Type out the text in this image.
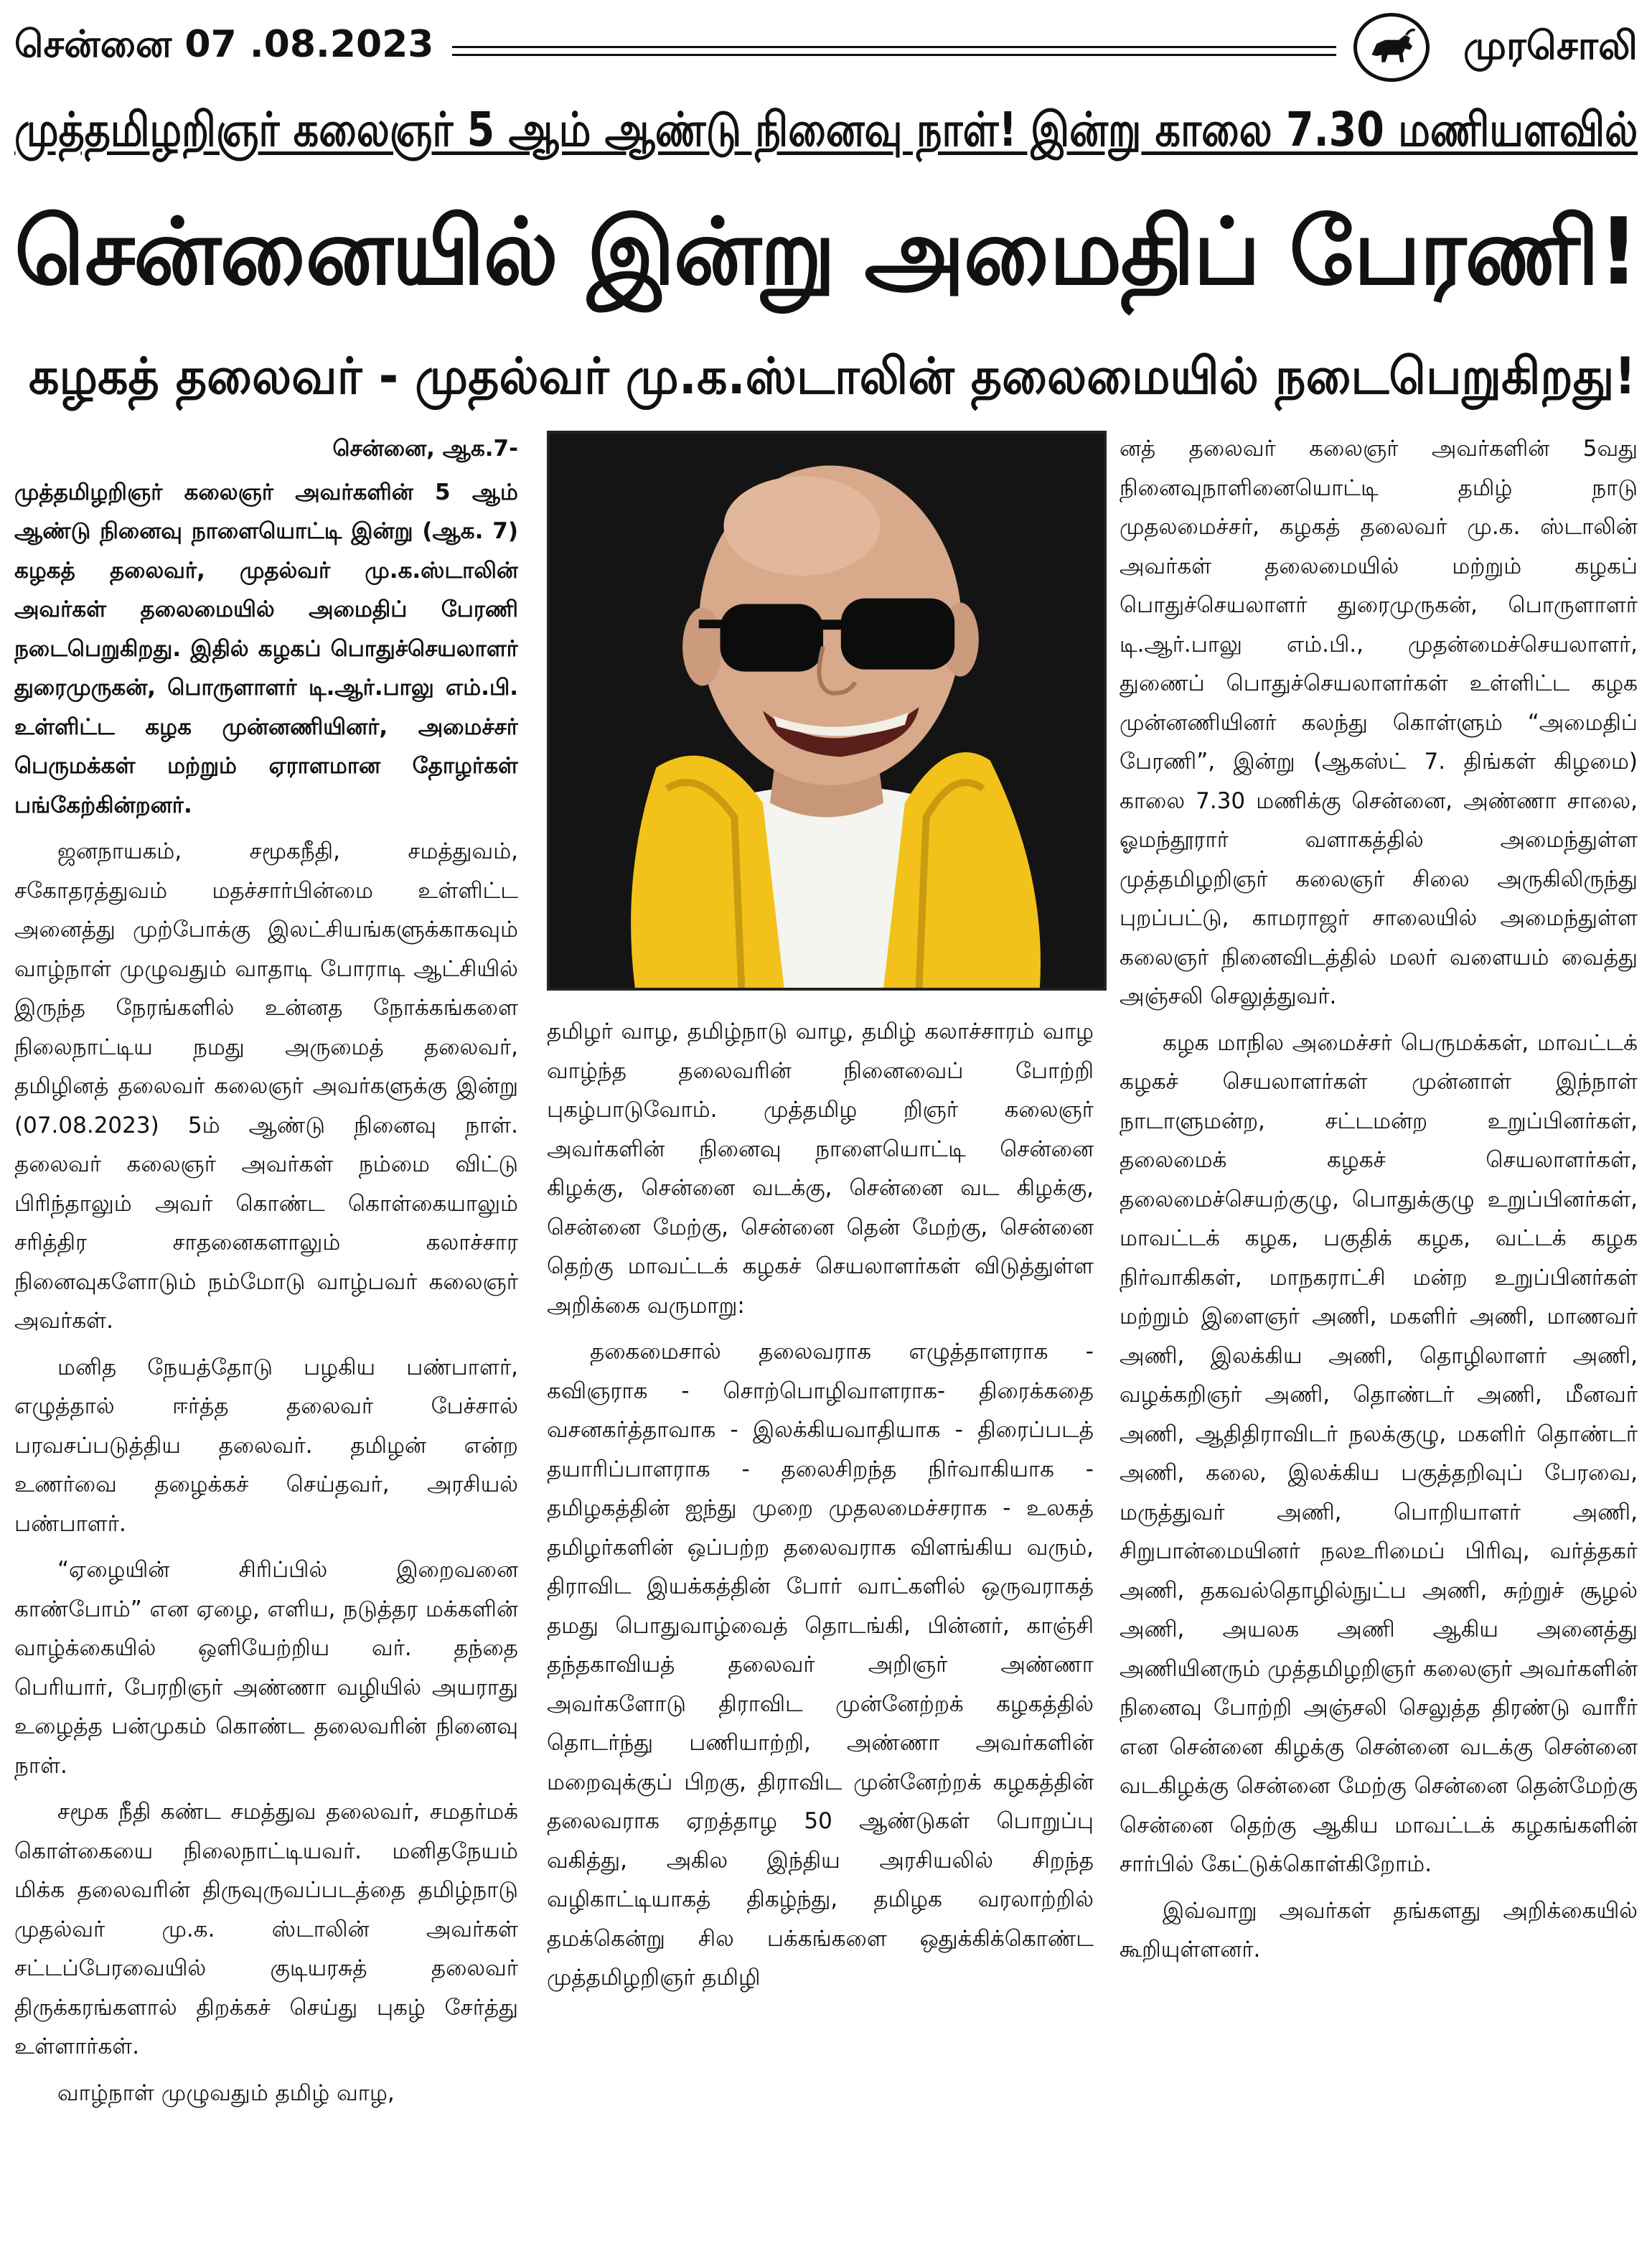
சென்னை 07 .08.2023	முரசொலி
முத்தமிழறிஞர் கலைஞர் 5 ஆம் ஆண்டு நினைவு நாள்! இன்று காலை 7.30 மணியளவில்
சென்னையில் இன்று அமைதிப் பேரணி!
கழகத் தலைவர் - முதல்வர் மு.க.ஸ்டாலின் தலைமையில் நடைபெறுகிறது!

சென்னை, ஆக.7-

முத்தமிழறிஞர் கலைஞர் அவர்களின் 5 ஆம் ஆண்டு நினைவு நாளையொட்டி இன்று (ஆக. 7) கழகத் தலைவர், முதல்வர் மு.க.ஸ்டாலின் அவர்கள் தலைமையில் அமைதிப் பேரணி நடைபெறுகிறது. இதில் கழகப் பொதுச்செயலாளர் துரைமுருகன், பொருளாளர் டி.ஆர்.பாலு எம்.பி. உள்ளிட்ட கழக முன்னணியினர், அமைச்சர் பெருமக்கள் மற்றும் ஏராளமான தோழர்கள் பங்கேற்கின்றனர்.

ஜனநாயகம், சமூகநீதி, சமத்துவம், சகோதரத்துவம் மதச்சார்பின்மை உள்ளிட்ட அனைத்து முற்போக்கு இலட்சியங்களுக்காகவும் வாழ்நாள் முழுவதும் வாதாடி போராடி ஆட்சியில் இருந்த நேரங்களில் உன்னத நோக்கங்களை நிலைநாட்டிய நமது அருமைத் தலைவர், தமிழினத் தலைவர் கலைஞர் அவர்களுக்கு இன்று (07.08.2023) 5ம் ஆண்டு நினைவு நாள். தலைவர் கலைஞர் அவர்கள் நம்மை விட்டு பிரிந்தாலும் அவர் கொண்ட கொள்கையாலும் சரித்திர சாதனைகளாலும் கலாச்சார நினைவுகளோடும் நம்மோடு வாழ்பவர் கலைஞர் அவர்கள்.

மனித நேயத்தோடு பழகிய பண்பாளர், எழுத்தால் ஈர்த்த தலைவர் பேச்சால் பரவசப்படுத்திய தலைவர். தமிழன் என்ற உணர்வை தழைக்கச் செய்தவர், அரசியல் பண்பாளர்.

“ஏழையின் சிரிப்பில் இறைவனை காண்போம்” என ஏழை, எளிய, நடுத்தர மக்களின் வாழ்க்கையில் ஒளியேற்றிய வர். தந்தை பெரியார், பேரறிஞர் அண்ணா வழியில் அயராது உழைத்த பன்முகம் கொண்ட தலைவரின் நினைவு நாள்.

சமூக நீதி கண்ட சமத்துவ தலைவர், சமதர்மக் கொள்கையை நிலைநாட்டியவர். மனிதநேயம் மிக்க தலைவரின் திருவுருவப்படத்தை தமிழ்நாடு முதல்வர் மு.க. ஸ்டாலின் அவர்கள் சட்டப்பேரவையில் குடியரசுத் தலைவர் திருக்கரங்களால் திறக்கச் செய்து புகழ் சேர்த்து உள்ளார்கள்.

வாழ்நாள் முழுவதும் தமிழ் வாழ,

தமிழர் வாழ, தமிழ்நாடு வாழ, தமிழ் கலாச்சாரம் வாழ வாழ்ந்த தலைவரின் நினைவைப் போற்றி புகழ்பாடுவோம். முத்தமிழ றிஞர் கலைஞர் அவர்களின் நினைவு நாளையொட்டி சென்னை கிழக்கு, சென்னை வடக்கு, சென்னை வட கிழக்கு, சென்னை மேற்கு, சென்னை தென் மேற்கு, சென்னை தெற்கு மாவட்டக் கழகச் செயலாளர்கள் விடுத்துள்ள அறிக்கை வருமாறு:

தகைமைசால் தலைவராக எழுத்தாளராக - கவிஞராக - சொற்பொழிவாளராக- திரைக்கதை வசனகர்த்தாவாக - இலக்கியவாதியாக - திரைப்படத் தயாரிப்பாளராக - தலைசிறந்த நிர்வாகியாக - தமிழகத்தின் ஐந்து முறை முதலமைச்சராக - உலகத் தமிழர்களின் ஒப்பற்ற தலைவராக விளங்கிய வரும், திராவிட இயக்கத்தின் போர் வாட்களில் ஒருவராகத் தமது பொதுவாழ்வைத் தொடங்கி, பின்னர், காஞ்சி தந்தகாவியத் தலைவர் அறிஞர் அண்ணா அவர்களோடு திராவிட முன்னேற்றக் கழகத்தில் தொடர்ந்து பணியாற்றி, அண்ணா அவர்களின் மறைவுக்குப் பிறகு, திராவிட முன்னேற்றக் கழகத்தின் தலைவராக ஏறத்தாழ 50 ஆண்டுகள் பொறுப்பு வகித்து, அகில இந்திய அரசியலில் சிறந்த வழிகாட்டியாகத் திகழ்ந்து, தமிழக வரலாற்றில் தமக்கென்று சில பக்கங்களை ஒதுக்கிக்கொண்ட முத்தமிழறிஞர் தமிழி

னத் தலைவர் கலைஞர் அவர்களின் 5வது நினைவுநாளினையொட்டி தமிழ் நாடு முதலமைச்சர், கழகத் தலைவர் மு.க. ஸ்டாலின் அவர்கள் தலைமையில் மற்றும் கழகப் பொதுச்செயலாளர் துரைமுருகன், பொருளாளர் டி.ஆர்.பாலு எம்.பி., முதன்மைச்செயலாளர், துணைப் பொதுச்செயலாளர்கள் உள்ளிட்ட கழக முன்னணியினர் கலந்து கொள்ளும் “அமைதிப் பேரணி”, இன்று (ஆகஸ்ட் 7. திங்கள் கிழமை) காலை 7.30 மணிக்கு சென்னை, அண்ணா சாலை, ஓமந்தூரார் வளாகத்தில் அமைந்துள்ள முத்தமிழறிஞர் கலைஞர் சிலை அருகிலிருந்து புறப்பட்டு, காமராஜர் சாலையில் அமைந்துள்ள கலைஞர் நினைவிடத்தில் மலர் வளையம் வைத்து அஞ்சலி செலுத்துவர்.

கழக மாநில அமைச்சர் பெருமக்கள், மாவட்டக் கழகச் செயலாளர்கள் முன்னாள் இந்நாள் நாடாளுமன்ற, சட்டமன்ற உறுப்பினர்கள், தலைமைக் கழகச் செயலாளர்கள், தலைமைச்செயற்குழு, பொதுக்குழு உறுப்பினர்கள், மாவட்டக் கழக, பகுதிக் கழக, வட்டக் கழக நிர்வாகிகள், மாநகராட்சி மன்ற உறுப்பினர்கள் மற்றும் இளைஞர் அணி, மகளிர் அணி, மாணவர் அணி, இலக்கிய அணி, தொழிலாளர் அணி, வழக்கறிஞர் அணி, தொண்டர் அணி, மீனவர் அணி, ஆதிதிராவிடர் நலக்குழு, மகளிர் தொண்டர் அணி, கலை, இலக்கிய பகுத்தறிவுப் பேரவை, மருத்துவர் அணி, பொறியாளர் அணி, சிறுபான்மையினர் நலஉரிமைப் பிரிவு, வர்த்தகர் அணி, தகவல்தொழில்நுட்ப அணி, சுற்றுச் சூழல் அணி, அயலக அணி ஆகிய அனைத்து அணியினரும் முத்தமிழறிஞர் கலைஞர் அவர்களின் நினைவு போற்றி அஞ்சலி செலுத்த திரண்டு வாரீர் என சென்னை கிழக்கு சென்னை வடக்கு சென்னை வடகிழக்கு சென்னை மேற்கு சென்னை தென்மேற்கு சென்னை தெற்கு ஆகிய மாவட்டக் கழகங்களின் சார்பில் கேட்டுக்கொள்கிறோம்.

இவ்வாறு அவர்கள் தங்களது அறிக்கையில் கூறியுள்ளனர்.
